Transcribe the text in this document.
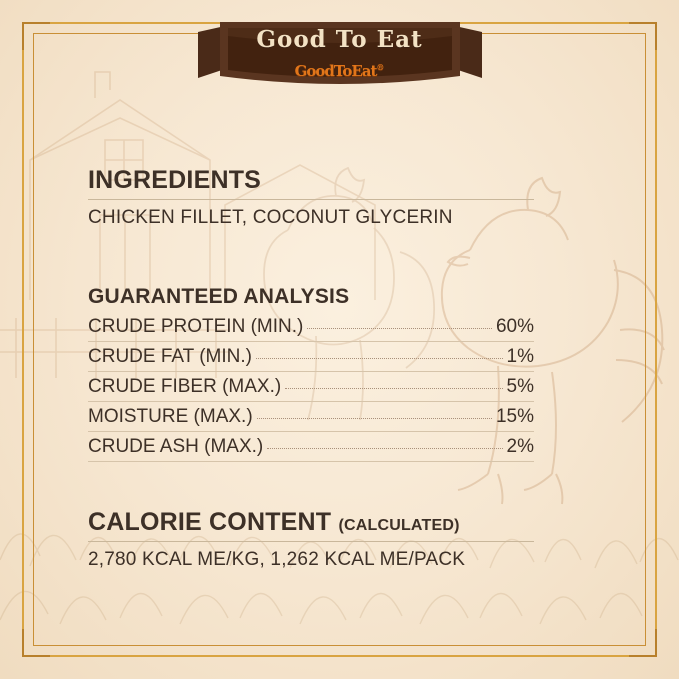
Good To Eat
GoodToEat®
INGREDIENTS
CHICKEN FILLET, COCONUT GLYCERIN
GUARANTEED ANALYSIS
CRUDE PROTEIN (MIN.)	60%
CRUDE FAT (MIN.)	1%
CRUDE FIBER (MAX.)	5%
MOISTURE (MAX.)	15%
CRUDE ASH (MAX.)	2%
CALORIE CONTENT (CALCULATED)
2,780 KCAL ME/KG, 1,262 KCAL ME/PACK
